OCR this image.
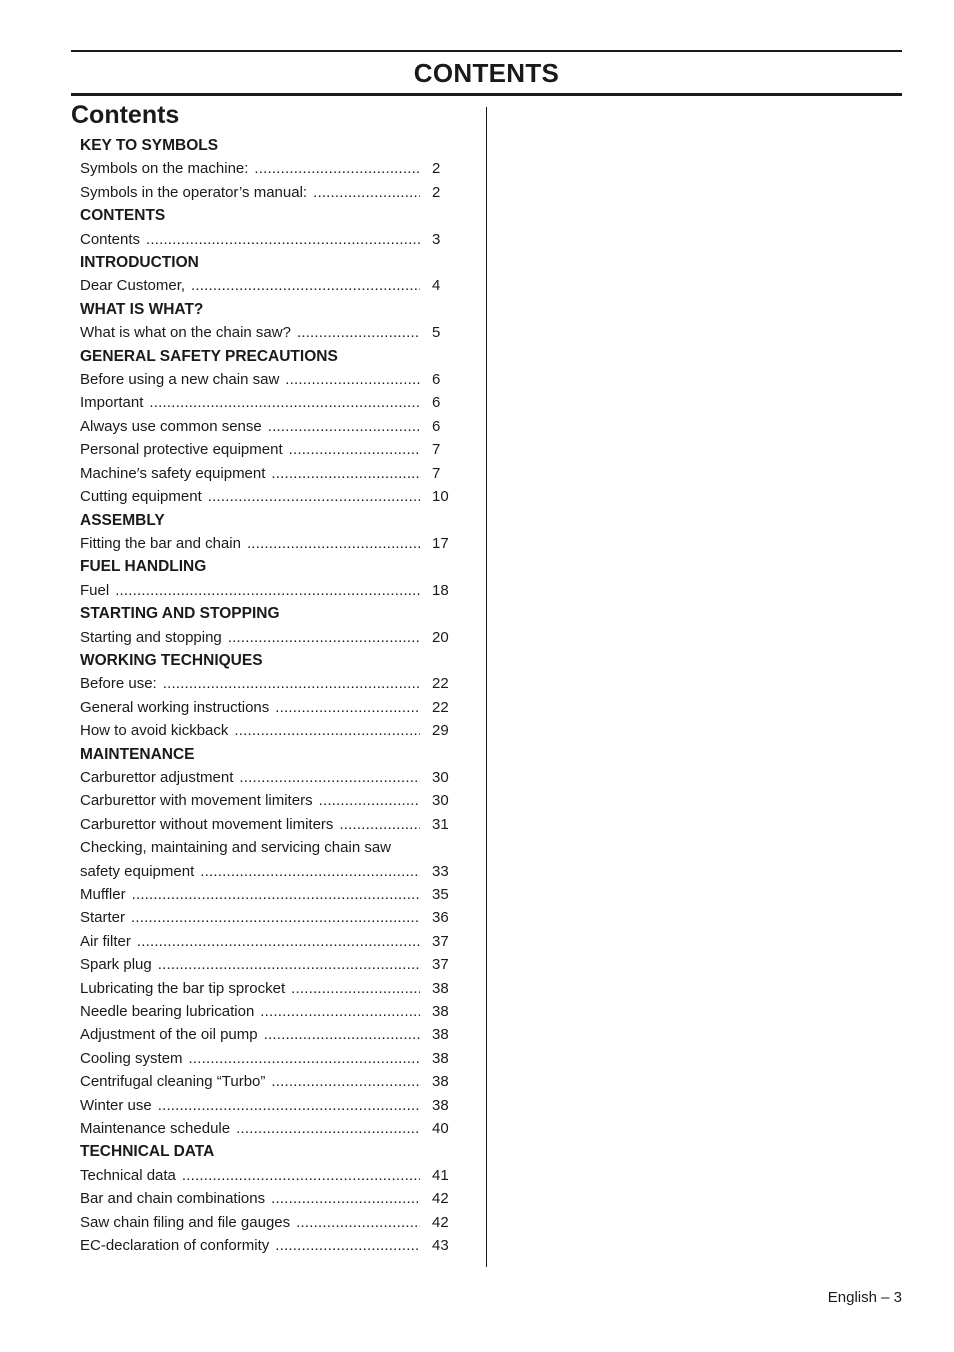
CONTENTS
Contents
KEY TO SYMBOLS
Symbols on the machine: .....	2
Symbols in the operator’s manual: .....	2
CONTENTS
Contents .....	3
INTRODUCTION
Dear Customer, .....	4
WHAT IS WHAT?
What is what on the chain saw? .....	5
GENERAL SAFETY PRECAUTIONS
Before using a new chain saw .....	6
Important .....	6
Always use common sense .....	6
Personal protective equipment .....	7
Machine′s safety equipment .....	7
Cutting equipment .....	10
ASSEMBLY
Fitting the bar and chain .....	17
FUEL HANDLING
Fuel .....	18
STARTING AND STOPPING
Starting and stopping .....	20
WORKING TECHNIQUES
Before use: .....	22
General working instructions .....	22
How to avoid kickback .....	29
MAINTENANCE
Carburettor adjustment .....	30
Carburettor with movement limiters .....	30
Carburettor without movement limiters .....	31
Checking, maintaining and servicing chain saw
safety equipment .....	33
Muffler .....	35
Starter .....	36
Air filter .....	37
Spark plug .....	37
Lubricating the bar tip sprocket .....	38
Needle bearing lubrication .....	38
Adjustment of the oil pump .....	38
Cooling system .....	38
Centrifugal cleaning “Turbo” .....	38
Winter use .....	38
Maintenance schedule .....	40
TECHNICAL DATA
Technical data .....	41
Bar and chain combinations .....	42
Saw chain filing and file gauges .....	42
EC-declaration of conformity .....	43
English – 3
